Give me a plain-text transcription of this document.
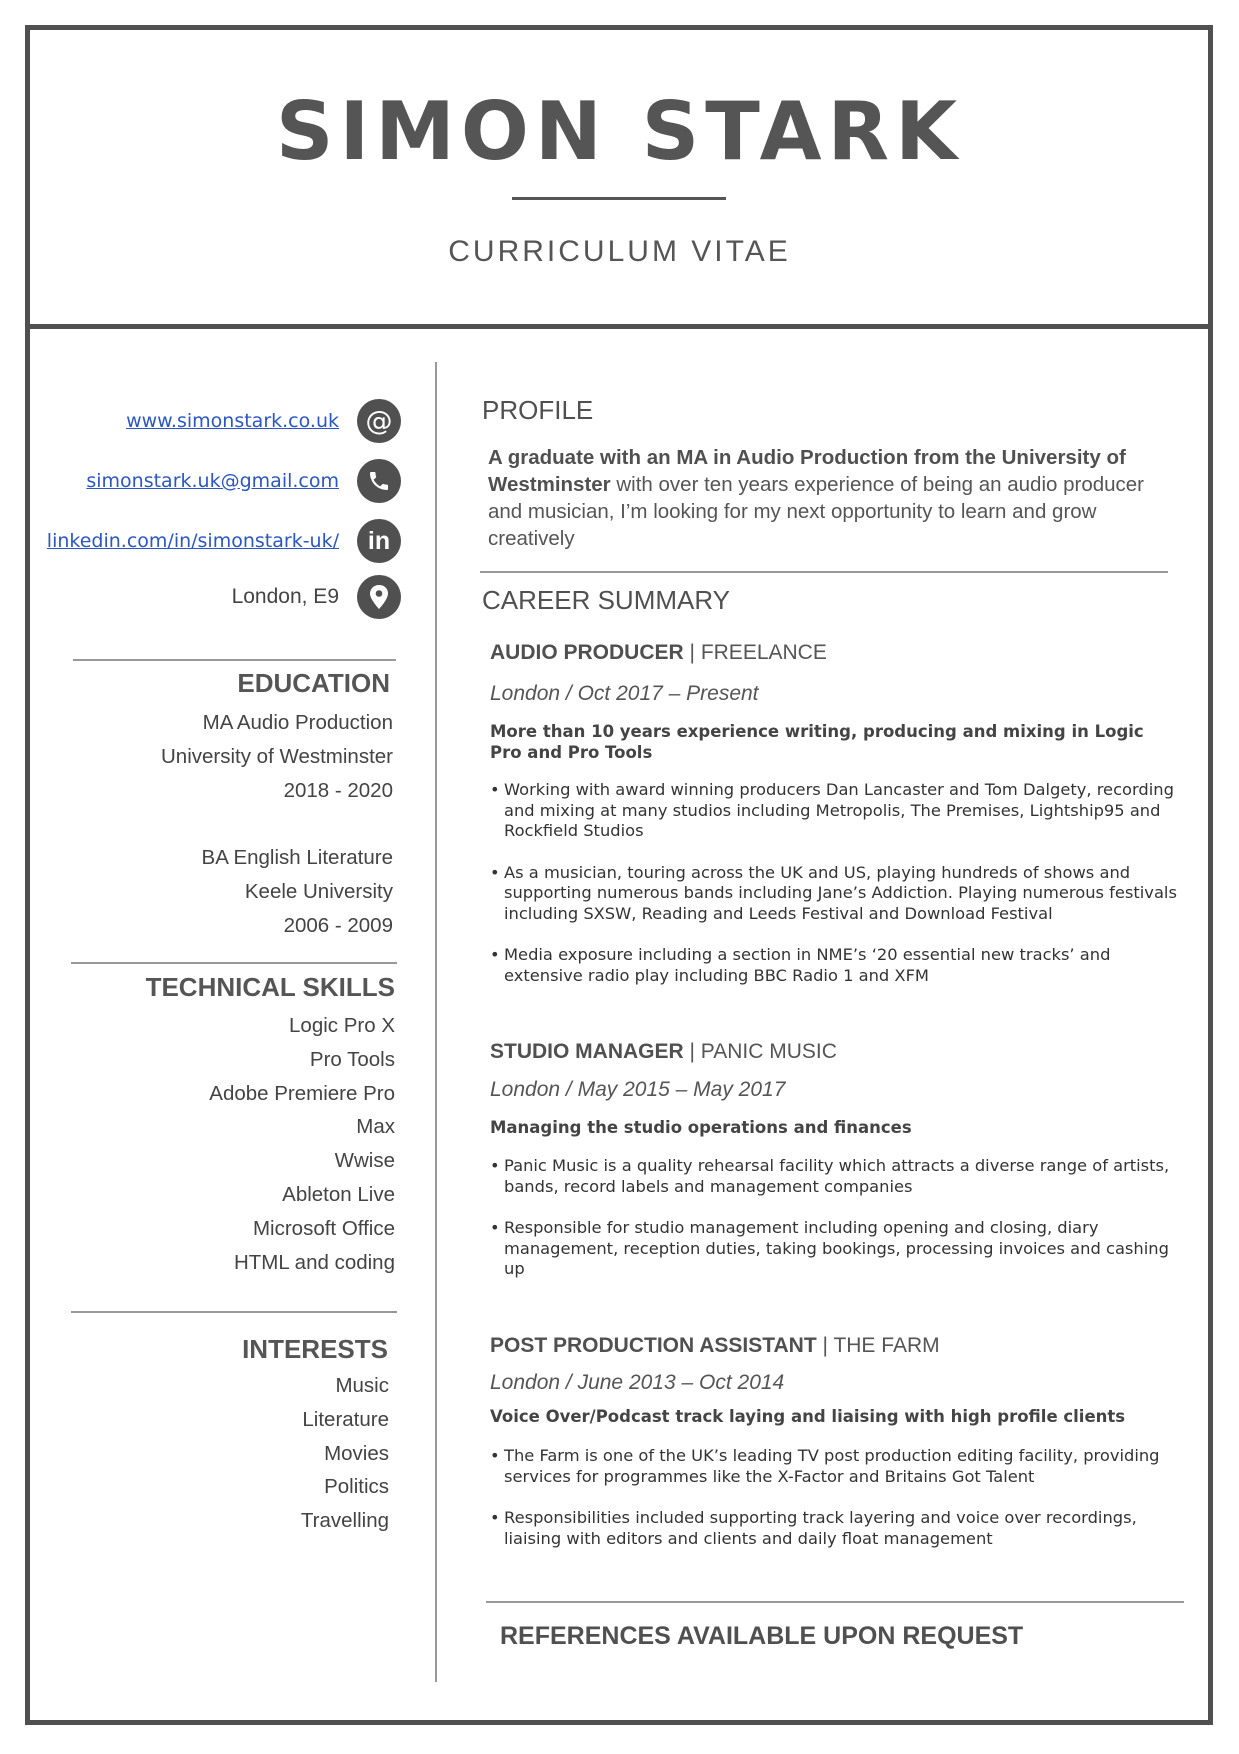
SIMON STARK
CURRICULUM VITAE
www.simonstark.co.uk @
simonstark.uk@gmail.com
linkedin.com/in/simonstark-uk/ in
London, E9
EDUCATION
MA Audio Production
University of Westminster
2018 - 2020

BA English Literature
Keele University
2006 - 2009
TECHNICAL SKILLS
Logic Pro X
Pro Tools
Adobe Premiere Pro
Max
Wwise
Ableton Live
Microsoft Office
HTML and coding
INTERESTS
Music
Literature
Movies
Politics
Travelling
PROFILE
A graduate with an MA in Audio Production from the University of Westminster with over ten years experience of being an audio producer and musician, I’m looking for my next opportunity to learn and grow creatively
CAREER SUMMARY
AUDIO PRODUCER | FREELANCE
London / Oct 2017 – Present
More than 10 years experience writing, producing and mixing in Logic Pro and Pro Tools
• Working with award winning producers Dan Lancaster and Tom Dalgety, recording and mixing at many studios including Metropolis, The Premises, Lightship95 and Rockfield Studios
• As a musician, touring across the UK and US, playing hundreds of shows and supporting numerous bands including Jane’s Addiction. Playing numerous festivals including SXSW, Reading and Leeds Festival and Download Festival
• Media exposure including a section in NME’s ‘20 essential new tracks’ and extensive radio play including BBC Radio 1 and XFM
STUDIO MANAGER | PANIC MUSIC
London / May 2015 – May 2017
Managing the studio operations and finances
• Panic Music is a quality rehearsal facility which attracts a diverse range of artists, bands, record labels and management companies
• Responsible for studio management including opening and closing, diary management, reception duties, taking bookings, processing invoices and cashing up
POST PRODUCTION ASSISTANT | THE FARM
London / June 2013 – Oct 2014
Voice Over/Podcast track laying and liaising with high profile clients
• The Farm is one of the UK’s leading TV post production editing facility, providing services for programmes like the X-Factor and Britains Got Talent
• Responsibilities included supporting track layering and voice over recordings, liaising with editors and clients and daily float management
REFERENCES AVAILABLE UPON REQUEST
